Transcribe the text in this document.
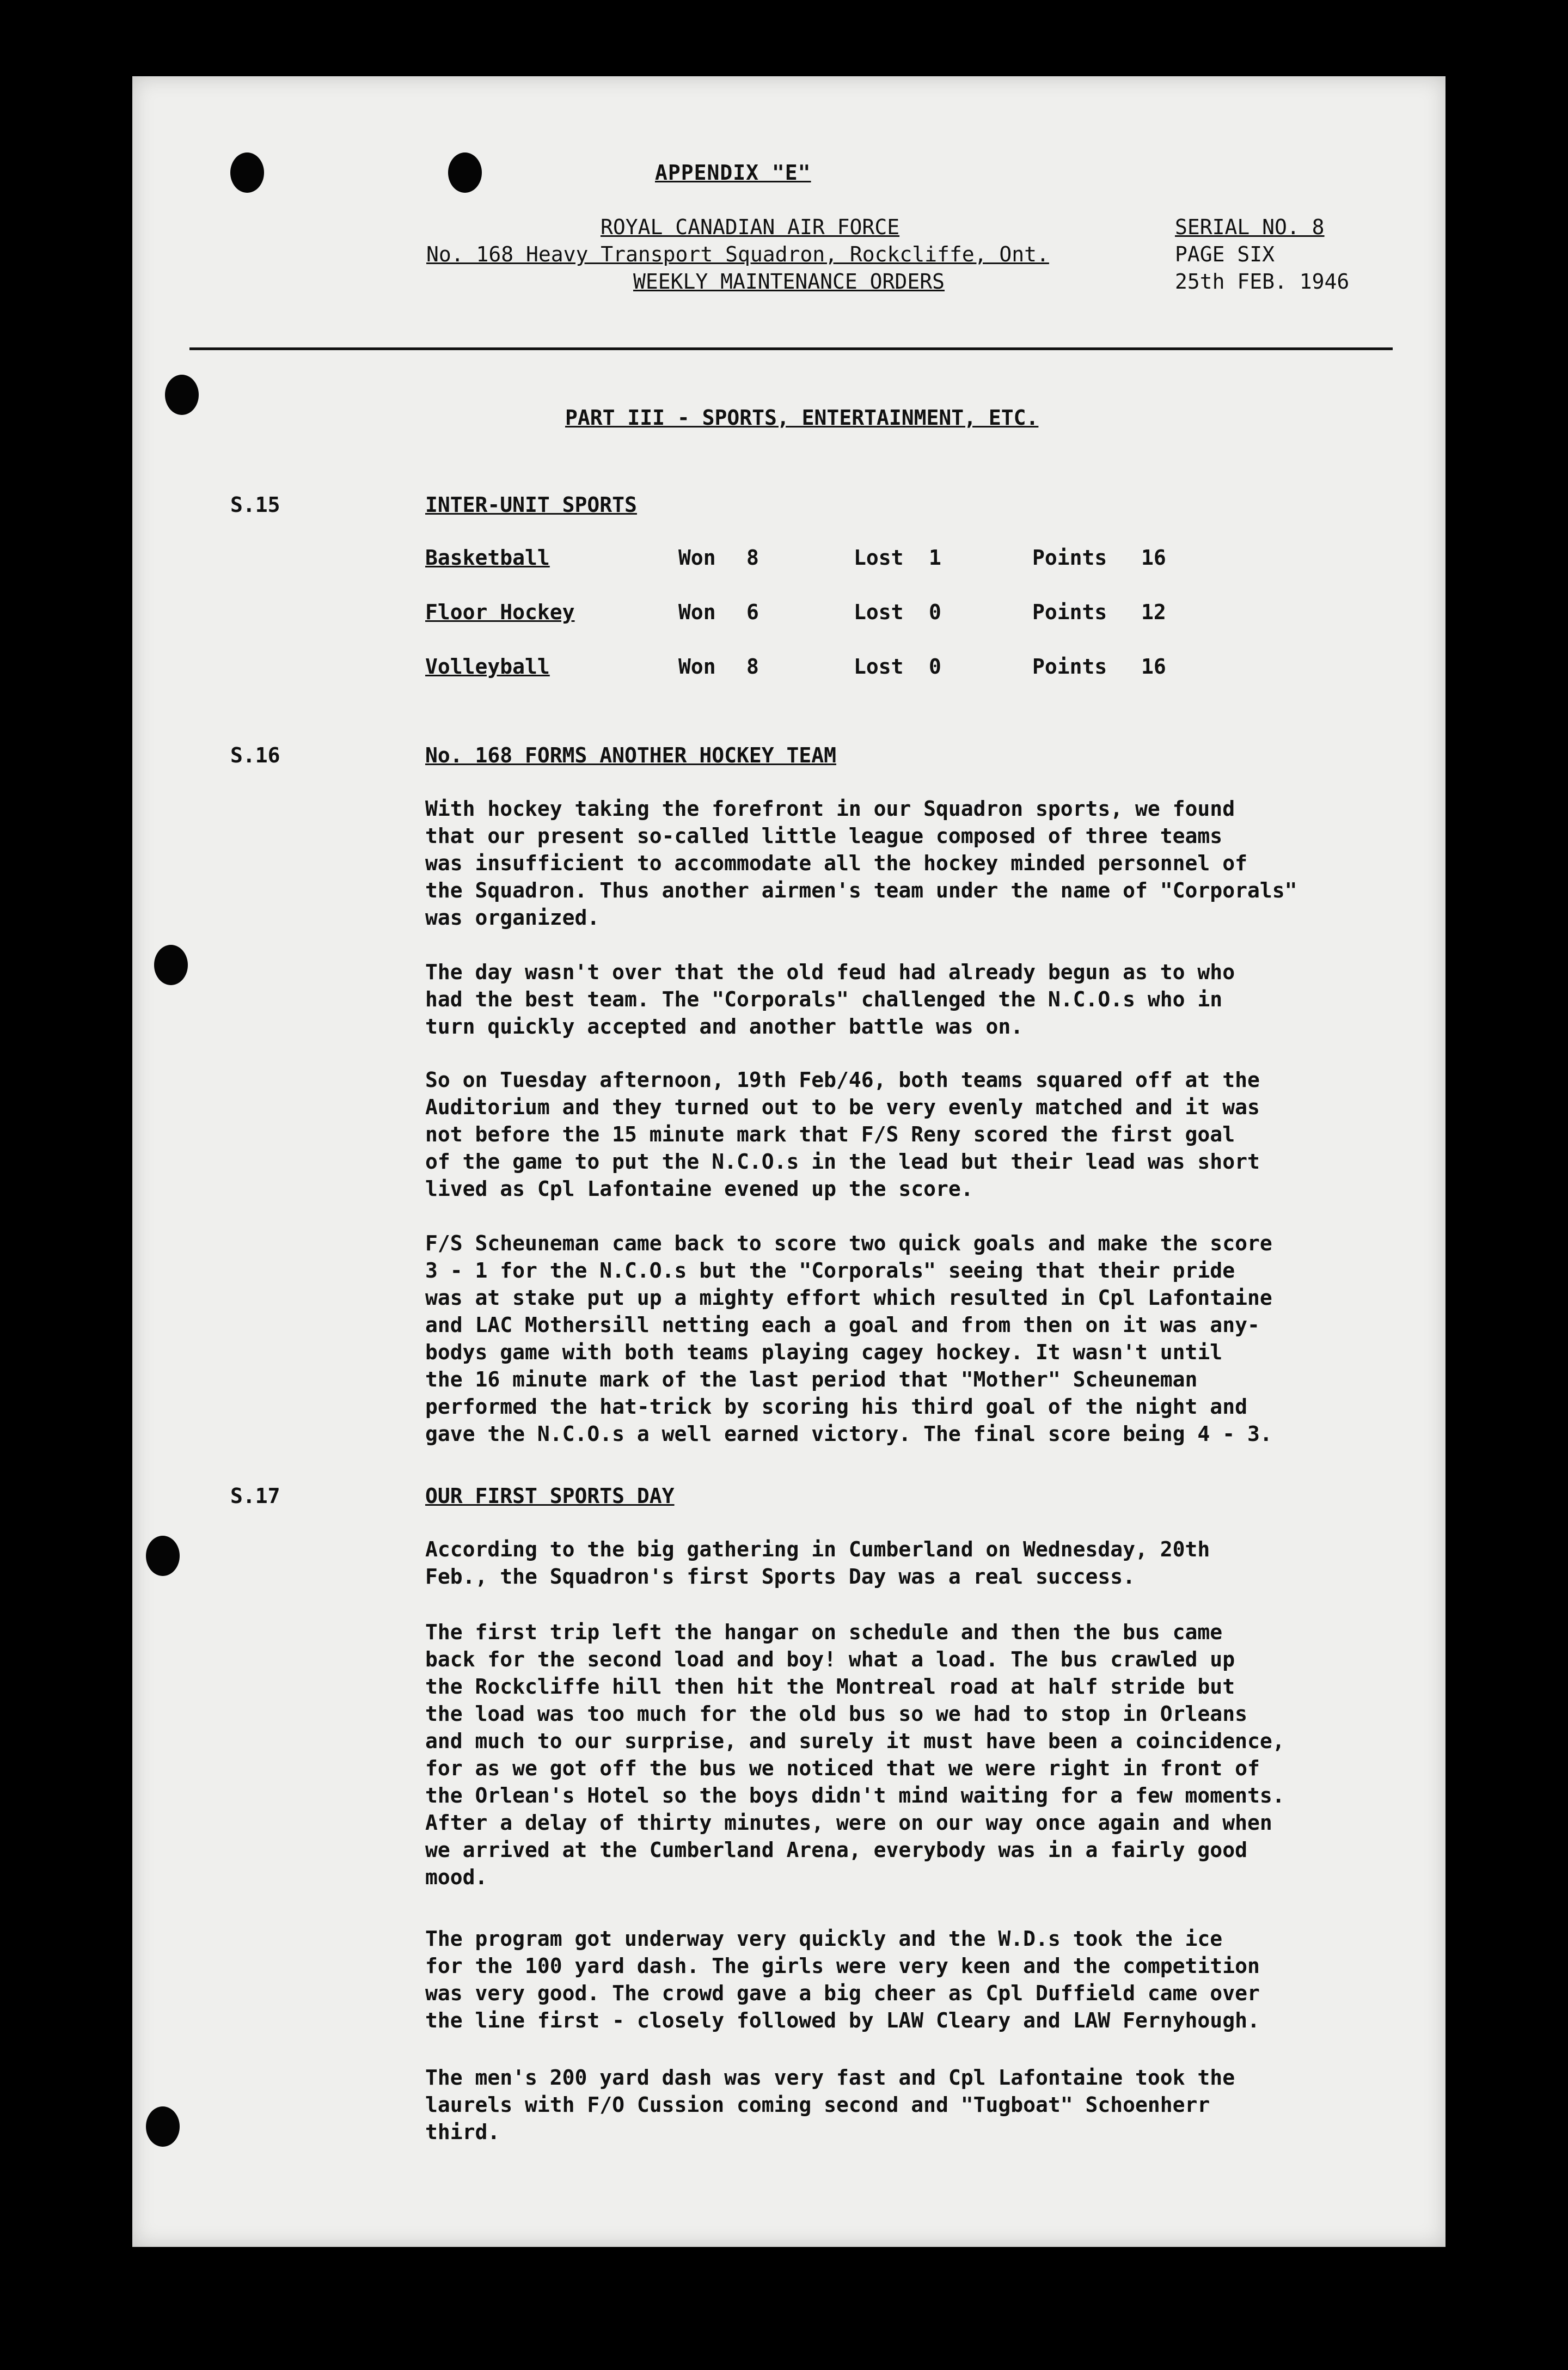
APPENDIX "E"
ROYAL CANADIAN AIR FORCE
No. 168 Heavy Transport Squadron, Rockcliffe, Ont.
WEEKLY MAINTENANCE ORDERS
SERIAL NO. 8
PAGE SIX
25th FEB. 1946
PART III - SPORTS, ENTERTAINMENT, ETC.
S.15	INTER-UNIT SPORTS
Basketball	Won 8	Lost 1	Points 16
Floor Hockey	Won 6	Lost 0	Points 12
Volleyball	Won 8	Lost 0	Points 16
S.16	No. 168 FORMS ANOTHER HOCKEY TEAM
With hockey taking the forefront in our Squadron sports, we found
that our present so-called little league composed of three teams
was insufficient to accommodate all the hockey minded personnel of
the Squadron. Thus another airmen's team under the name of "Corporals"
was organized.
The day wasn't over that the old feud had already begun as to who
had the best team. The "Corporals" challenged the N.C.O.s who in
turn quickly accepted and another battle was on.
So on Tuesday afternoon, 19th Feb/46, both teams squared off at the
Auditorium and they turned out to be very evenly matched and it was
not before the 15 minute mark that F/S Reny scored the first goal
of the game to put the N.C.O.s in the lead but their lead was short
lived as Cpl Lafontaine evened up the score.
F/S Scheuneman came back to score two quick goals and make the score
3 - 1 for the N.C.O.s but the "Corporals" seeing that their pride
was at stake put up a mighty effort which resulted in Cpl Lafontaine
and LAC Mothersill netting each a goal and from then on it was any-
bodys game with both teams playing cagey hockey. It wasn't until
the 16 minute mark of the last period that "Mother" Scheuneman
performed the hat-trick by scoring his third goal of the night and
gave the N.C.O.s a well earned victory. The final score being 4 - 3.
S.17	OUR FIRST SPORTS DAY
According to the big gathering in Cumberland on Wednesday, 20th
Feb., the Squadron's first Sports Day was a real success.
The first trip left the hangar on schedule and then the bus came
back for the second load and boy! what a load. The bus crawled up
the Rockcliffe hill then hit the Montreal road at half stride but
the load was too much for the old bus so we had to stop in Orleans
and much to our surprise, and surely it must have been a coincidence,
for as we got off the bus we noticed that we were right in front of
the Orlean's Hotel so the boys didn't mind waiting for a few moments.
After a delay of thirty minutes, were on our way once again and when
we arrived at the Cumberland Arena, everybody was in a fairly good
mood.
The program got underway very quickly and the W.D.s took the ice
for the 100 yard dash. The girls were very keen and the competition
was very good. The crowd gave a big cheer as Cpl Duffield came over
the line first - closely followed by LAW Cleary and LAW Fernyhough.
The men's 200 yard dash was very fast and Cpl Lafontaine took the
laurels with F/O Cussion coming second and "Tugboat" Schoenherr
third.
